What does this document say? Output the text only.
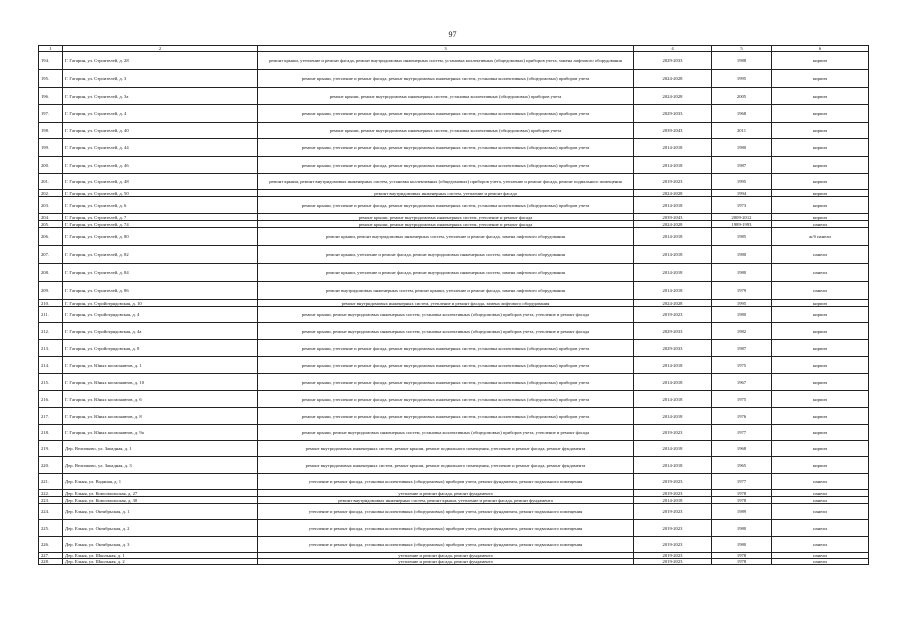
97
1	2	3	4	5	6
194.	Г. Гагарин, ул. Строителей, д. 28	ремонт крыши, утепление и ремонт фасада, ремонт внутридомовых инженерных систем, установка коллективных (общедомовых) приборов учета, замена лифтового оборудования	2029-2033	1988	кирпич
195.	Г. Гагарин, ул. Строителей, д. 3	ремонт крыши, утепление и ремонт фасада, ремонт внутридомовых инженерных систем, установка коллективных (общедомовых) приборов учета	2024-2028	1995	кирпич
196.	Г. Гагарин, ул. Строителей, д. 3а	ремонт крыши, ремонт внутридомовых инженерных систем, установка коллективных (общедомовых) приборов учета	2024-2028	2005	кирпич
197.	Г. Гагарин, ул. Строителей, д. 4	ремонт крыши, утепление и ремонт фасада, ремонт внутридомовых инженерных систем, установка коллективных (общедомовых) приборов учета	2029-2033	1968	кирпич
198.	Г. Гагарин, ул. Строителей, д. 40	ремонт крыши, ремонт внутридомовых инженерных систем, установка коллективных (общедомовых) приборов учета	2039-2043	2011	кирпич
199.	Г. Гагарин, ул. Строителей, д. 44	ремонт крыши, утепление и ремонт фасада, ремонт внутридомовых инженерных систем, установка коллективных (общедомовых) приборов учета	2014-2018	1980	кирпич
200.	Г. Гагарин, ул. Строителей, д. 46	ремонт крыши, утепление и ремонт фасада, ремонт внутридомовых инженерных систем, установка коллективных (общедомовых) приборов учета	2014-2018	1987	кирпич
201.	Г. Гагарин, ул. Строителей, д. 48	ремонт крыши, ремонт внутридомовых инженерных систем, установка коллективных (общедомовых) приборов учета, утепление и ремонт фасада, ремонт подвального помещения	2019-2023	1995	кирпич
202.	Г. Гагарин, ул. Строителей, д. 50	ремонт внутридомовых инженерных систем, утепление и ремонт фасада	2024-2028	1994	кирпич
203.	Г. Гагарин, ул. Строителей, д. 6	ремонт крыши, утепление и ремонт фасада, ремонт внутридомовых инженерных систем, установка коллективных (общедомовых) приборов учета	2014-2018	1973	кирпич
204.	Г. Гагарин, ул. Строителей, д. 7	ремонт крыши, ремонт внутридомовых инженерных систем, утепление и ремонт фасада	2039-2043	2009-2012	кирпич
205.	Г. Гагарин, ул. Строителей, д. 74	ремонт крыши, ремонт внутридомовых инженерных систем, утепление и ремонт фасада	2024-2028	1989-1993	панели
206.	Г. Гагарин, ул. Строителей, д. 80	ремонт крыши, ремонт внутридомовых инженерных систем, утепление и ремонт фасада, замена лифтового оборудования	2014-2018	1985	ж/б панели
207.	Г. Гагарин, ул. Строителей, д. 82	ремонт крыши, утепление и ремонт фасада, ремонт внутридомовых инженерных систем, замена лифтового оборудования	2014-2018	1980	панели
208.	Г. Гагарин, ул. Строителей, д. 84	ремонт крыши, утепление и ремонт фасада, ремонт внутридомовых инженерных систем, замена лифтового оборудования	2014-2018	1980	панели
209.	Г. Гагарин, ул. Строителей, д. 86	ремонт внутридомовых инженерных систем, ремонт крыши, утепление и ремонт фасада, замена лифтового оборудования	2014-2018	1979	панели
210.	Г. Гагарин, ул. Стройотрядовская, д. 10	ремонт внутридомовых инженерных систем, утепление и ремонт фасада, замена лифтового оборудования	2024-2028	1995	кирпич
211.	Г. Гагарин, ул. Стройотрядовская, д. 4	ремонт крыши, ремонт внутридомовых инженерных систем, установка коллективных (общедомовых) приборов учета, утепление и ремонт фасада	2019-2023	1980	кирпич
212.	Г. Гагарин, ул. Стройотрядовская, д. 4а	ремонт крыши, ремонт внутридомовых инженерных систем, установка коллективных (общедомовых) приборов учета, утепление и ремонт фасада	2029-2033	1982	кирпич
213.	Г. Гагарин, ул. Стройотрядовская, д. 8	ремонт крыши, утепление и ремонт фасада, ремонт внутридомовых инженерных систем, установка коллективных (общедомовых) приборов учета	2029-2033	1987	кирпич
214.	Г. Гагарин, ул. Юных космонавтов, д. 1	ремонт крыши, утепление и ремонт фасада, ремонт внутридомовых инженерных систем, установка коллективных (общедомовых) приборов учета	2014-2018	1975	кирпич
215.	Г. Гагарин, ул. Юных космонавтов, д. 10	ремонт крыши, утепление и ремонт фасада, ремонт внутридомовых инженерных систем, установка коллективных (общедомовых) приборов учета	2014-2018	1967	кирпич
216.	Г. Гагарин, ул. Юных космонавтов, д. 6	ремонт крыши, утепление и ремонт фасада, ремонт внутридомовых инженерных систем, установка коллективных (общедомовых) приборов учета	2014-2018	1975	кирпич
217.	Г. Гагарин, ул. Юных космонавтов, д. 8	ремонт крыши, утепление и ремонт фасада, ремонт внутридомовых инженерных систем, установка коллективных (общедомовых) приборов учета	2014-2018	1976	кирпич
218.	Г. Гагарин, ул. Юных космонавтов, д. 9а	ремонт крыши, ремонт внутридомовых инженерных систем, установка коллективных (общедомовых) приборов учета, утепление и ремонт фасада	2019-2023	1977	кирпич
219.	Дер. Величково, ул. Западная, д. 1	ремонт внутридомовых инженерных систем, ремонт крыши, ремонт подвального помещения, утепление и ремонт фасада, ремонт фундамента	2014-2018	1968	кирпич
220.	Дер. Величково, ул. Западная, д. 3	ремонт внутридомовых инженерных систем, ремонт крыши, ремонт подвального помещения, утепление и ремонт фасада, ремонт фундамента	2014-2018	1965	кирпич
221.	Дер. Ельня, ул. Водяная, д. 1	утепление и ремонт фасада, установка коллективных (общедомовых) приборов учета, ремонт фундамента, ремонт подвального помещения	2019-2023	1977	панели
222.	Дер. Ельня, ул. Комсомольская, д. 27	утепление и ремонт фасада, ремонт фундамента	2019-2023	1978	панели
223.	Дер. Ельня, ул. Комсомольская, д. 30	ремонт внутридомовых инженерных систем, ремонт крыши, утепление и ремонт фасада, ремонт фундамента	2014-2018	1978	панели
224.	Дер. Ельня, ул. Октябрьская, д. 1	утепление и ремонт фасада, установка коллективных (общедомовых) приборов учета, ремонт фундамента, ремонт подвального помещения	2019-2023	1989	панели
225.	Дер. Ельня, ул. Октябрьская, д. 2	утепление и ремонт фасада, установка коллективных (общедомовых) приборов учета, ремонт фундамента, ремонт подвального помещения	2019-2023	1980	панели
226.	Дер. Ельня, ул. Октябрьская, д. 3	утепление и ремонт фасада, установка коллективных (общедомовых) приборов учета, ремонт фундамента, ремонт подвального помещения	2019-2023	1980	панели
227.	Дер. Ельня, ул. Школьная, д. 1	утепление и ремонт фасада, ремонт фундамента	2019-2023	1978	панели
228.	Дер. Ельня, ул. Школьная, д. 2	утепление и ремонт фасада, ремонт фундамента	2019-2023	1978	панели
